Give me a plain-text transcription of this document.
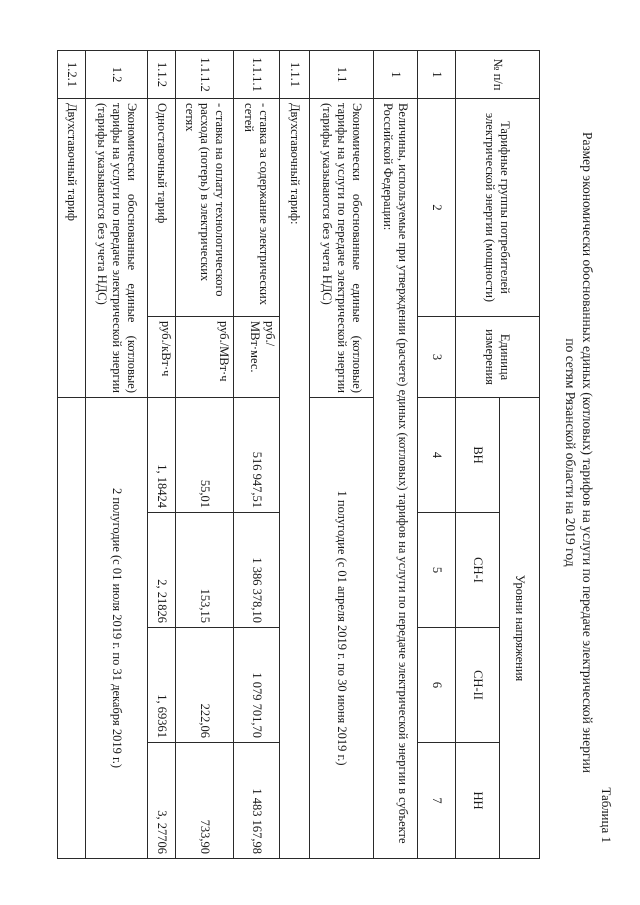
Таблица 1
Размер экономически обоснованных единых (котловых) тарифов на услуги по передаче электрической энергии
по сетям Рязанской области на 2019 год
№ п/п	Тарифные группы потребителей электрической энергии (мощности)	Единица измерения	Уровни напряжения			
			ВН	СН-I	СН-II	НН
1	2	3	4	5	6	7
1	Величины, используемые при утверждении (расчете) единых (котловых) тарифов на услуги по передаче электрической энергии в субъекте Российской Федерации:					
1.1	Экономически обоснованные единые (котловые) тарифы на услуги по передаче электрической энергии (тарифы указываются без учета НДС)		1 полугодие (с 01 апреля 2019 г. по 30 июня 2019 г.)			
1.1.1	Двухставочный тариф:					
1.1.1.1	- ставка за содержание электрических сетей	руб./МВт·мес.	516 947,51	1 386 378,10	1 079 701,70	1 483 167,98
1.1.1.2	- ставка на оплату технологического расхода (потерь) в электрических сетях	руб./МВт·ч	55,01	153,15	222,06	733,90
1.1.2	Одноставочный тариф	руб./кВт·ч	1, 18424	2, 21826	1, 69361	3, 27706
1.2	Экономически обоснованные единые (котловые) тарифы на услуги по передаче электрической энергии (тарифы указываются без учета НДС)		2 полугодие (с 01 июля 2019 г. по 31 декабря 2019 г.)			
1.2.1	Двухставочный тариф					
